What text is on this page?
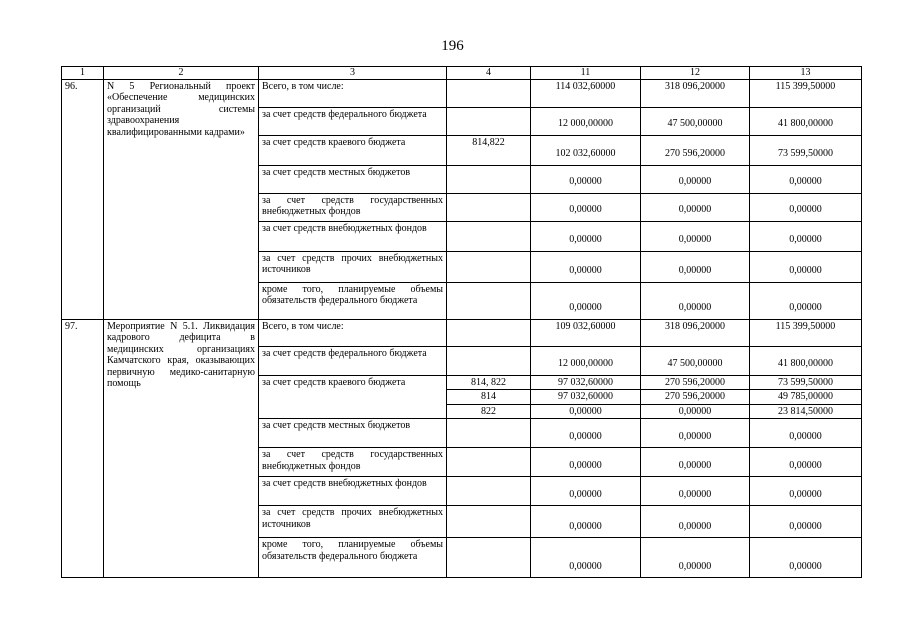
196
1	2	3	4	11	12	13
96.	N 5 Региональный проект «Обеспечение медицинских организаций системы здравоохранения квалифицированными кадрами»	Всего, в том числе:		114 032,60000	318 096,20000	115 399,50000
		за счет средств федерального бюджета		12 000,00000	47 500,00000	41 800,00000
		за счет средств краевого бюджета	814,822	102 032,60000	270 596,20000	73 599,50000
		за счет средств местных бюджетов		0,00000	0,00000	0,00000
		за счет средств государственных внебюджетных фондов		0,00000	0,00000	0,00000
		за счет средств внебюджетных фондов		0,00000	0,00000	0,00000
		за счет средств прочих внебюджетных источников		0,00000	0,00000	0,00000
		кроме того, планируемые объемы обязательств федерального бюджета		0,00000	0,00000	0,00000
97.	Мероприятие N 5.1. Ликвидация кадрового дефицита в медицинских организациях Камчатского края, оказывающих первичную медико-санитарную помощь	Всего, в том числе:		109 032,60000	318 096,20000	115 399,50000
		за счет средств федерального бюджета		12 000,00000	47 500,00000	41 800,00000
		за счет средств краевого бюджета	814, 822	97 032,60000	270 596,20000	73 599,50000
			814	97 032,60000	270 596,20000	49 785,00000
			822	0,00000	0,00000	23 814,50000
		за счет средств местных бюджетов		0,00000	0,00000	0,00000
		за счет средств государственных внебюджетных фондов		0,00000	0,00000	0,00000
		за счет средств внебюджетных фондов		0,00000	0,00000	0,00000
		за счет средств прочих внебюджетных источников		0,00000	0,00000	0,00000
		кроме того, планируемые объемы обязательств федерального бюджета		0,00000	0,00000	0,00000
